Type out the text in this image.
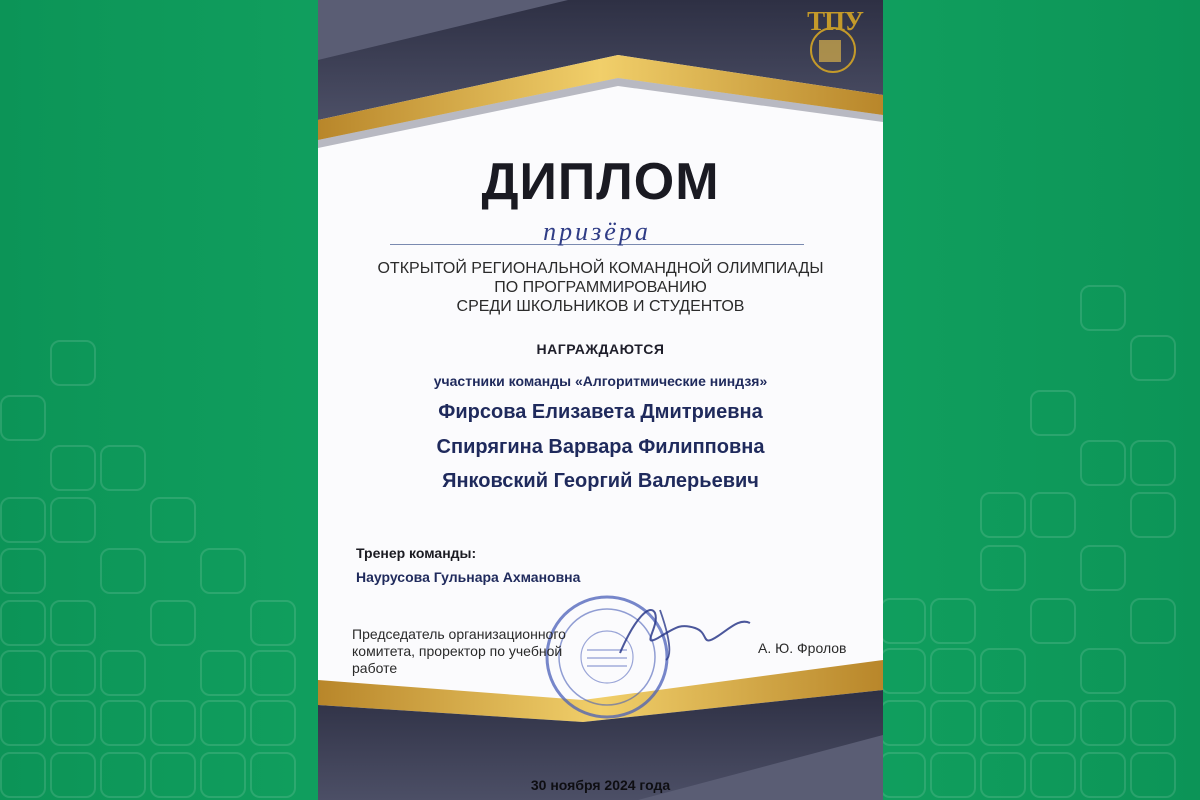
ТПУ

ДИПЛОМ

призёра

ОТКРЫТОЙ РЕГИОНАЛЬНОЙ КОМАНДНОЙ ОЛИМПИАДЫ

ПО ПРОГРАММИРОВАНИЮ

СРЕДИ ШКОЛЬНИКОВ И СТУДЕНТОВ

НАГРАЖДАЮТСЯ

участники команды «Алгоритмические ниндзя»

Фирсова Елизавета Дмитриевна

Спирягина Варвара Филипповна

Янковский Георгий Валерьевич

Тренер команды:

Наурусова Гульнара Ахмановна

Председатель организационного
комитета, проректор по учебной
работе

А. Ю. Фролов

30 ноября 2024 года
